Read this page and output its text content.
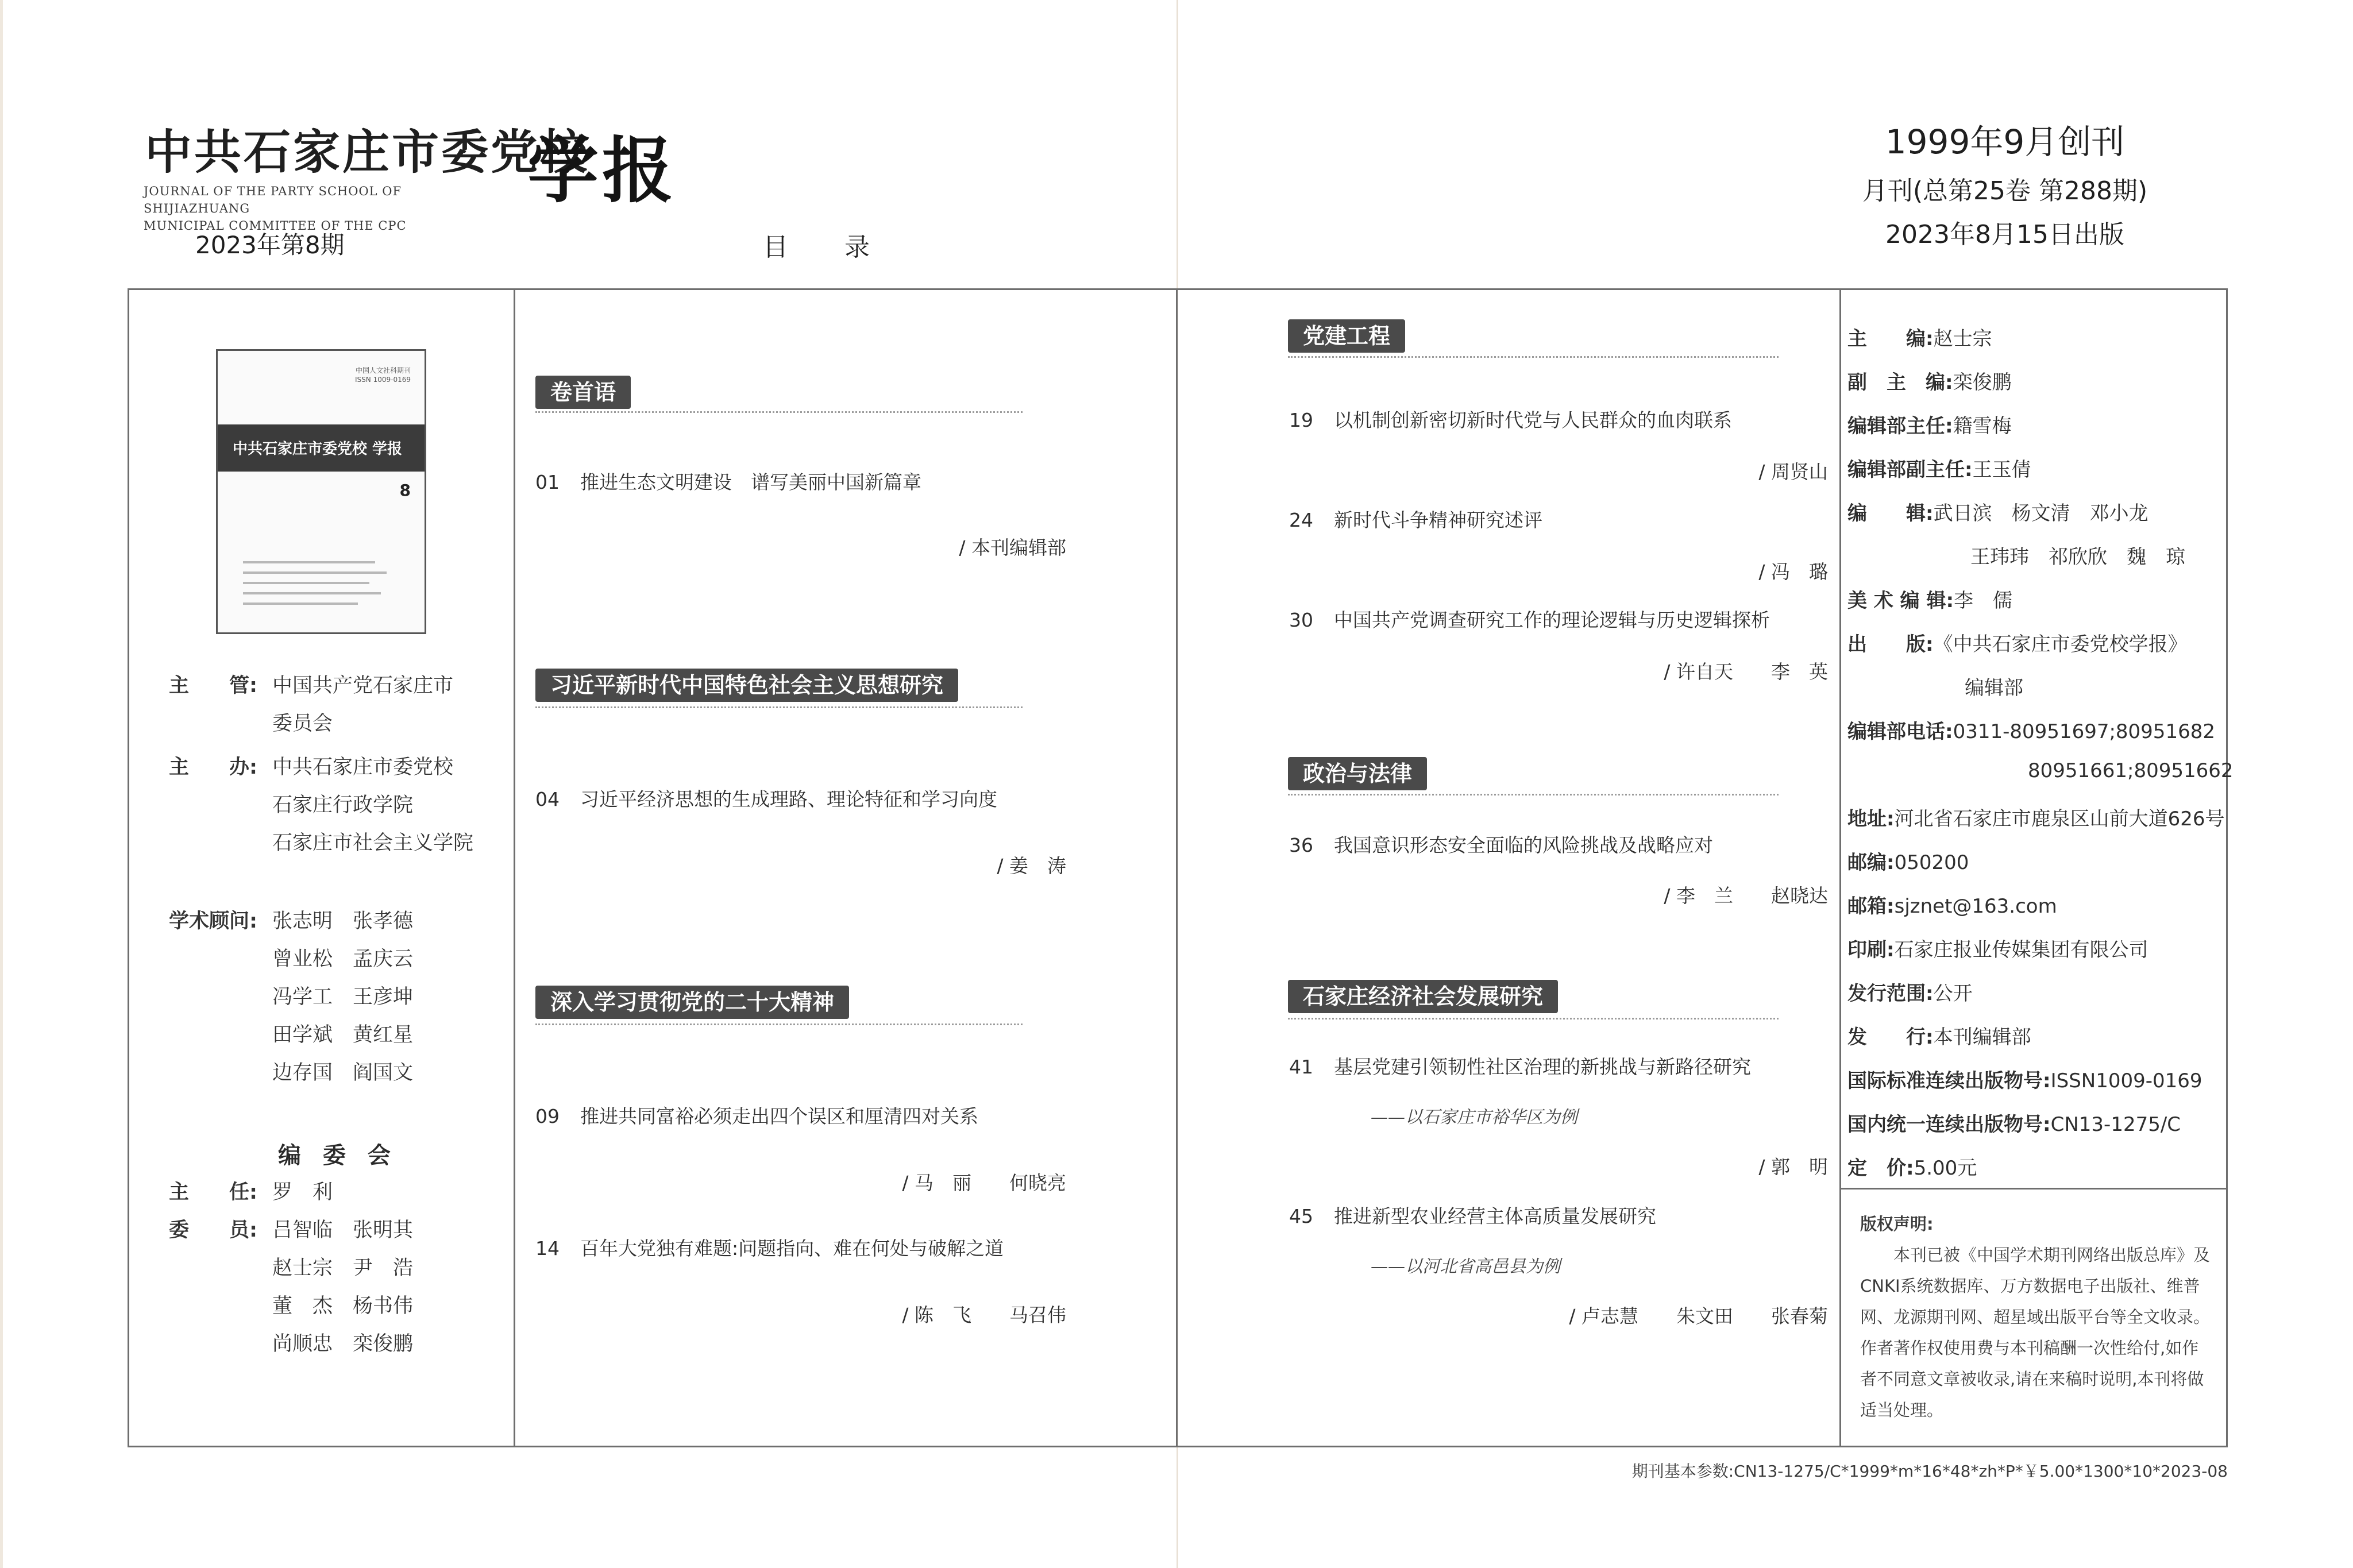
中共石家庄市委党校
学报
JOURNAL OF THE PARTY SCHOOL OF SHIJIAZHUANG
MUNICIPAL COMMITTEE OF THE CPC
2023年第8期	目 录
1999年9月创刊
月刊(总第25卷 第288期)
2023年8月15日出版
中国人文社科期刊
ISSN 1009-0169
中共石家庄市委党校 学报
8
主　　管: 中国共产党石家庄市
委员会
主　　办: 中共石家庄市委党校
石家庄行政学院
石家庄市社会主义学院
学术顾问: 张志明　张孝德
曾业松　孟庆云
冯学工　王彦坤
田学斌　黄红星
边存国　阎国文
编 委 会
主　　任: 罗　利
委　　员: 吕智临　张明其
赵士宗　尹　浩
董　杰　杨书伟
尚顺忠　栾俊鹏
卷首语
01 推进生态文明建设　谱写美丽中国新篇章
/ 本刊编辑部
习近平新时代中国特色社会主义思想研究
04 习近平经济思想的生成理路、理论特征和学习向度
/ 姜　涛
深入学习贯彻党的二十大精神
09 推进共同富裕必须走出四个误区和厘清四对关系
/ 马　丽　　何晓亮
14 百年大党独有难题:问题指向、难在何处与破解之道
/ 陈　飞　　马召伟
党建工程
19 以机制创新密切新时代党与人民群众的血肉联系
/ 周贤山
24 新时代斗争精神研究述评
/ 冯　璐
30 中国共产党调查研究工作的理论逻辑与历史逻辑探析
/ 许自天　　李　英
政治与法律
36 我国意识形态安全面临的风险挑战及战略应对
/ 李　兰　　赵晓达
石家庄经济社会发展研究
41 基层党建引领韧性社区治理的新挑战与新路径研究
——以石家庄市裕华区为例
/ 郭　明
45 推进新型农业经营主体高质量发展研究
——以河北省高邑县为例
/ 卢志慧　　朱文田　　张春菊
主　　编:赵士宗
副　主　编:栾俊鹏
编辑部主任:籍雪梅
编辑部副主任:王玉倩
编　　辑:武日滨　杨文清　邓小龙
王玮玮　祁欣欣　魏　琼
美 术 编 辑:李　儒
出　　版:《中共石家庄市委党校学报》
编辑部
编辑部电话:0311-80951697;80951682
80951661;80951662
地址:河北省石家庄市鹿泉区山前大道626号
邮编:050200
邮箱:sjznet@163.com
印刷:石家庄报业传媒集团有限公司
发行范围:公开
发　　行:本刊编辑部
国际标准连续出版物号:ISSN1009-0169
国内统一连续出版物号:CN13-1275/C
定　价:5.00元
版权声明:
本刊已被《中国学术期刊网络出版总库》及CNKI系统数据库、万方数据电子出版社、维普网、龙源期刊网、超星域出版平台等全文收录。作者著作权使用费与本刊稿酬一次性给付,如作者不同意文章被收录,请在来稿时说明,本刊将做适当处理。
期刊基本参数:CN13-1275/C*1999*m*16*48*zh*P*￥5.00*1300*10*2023-08
